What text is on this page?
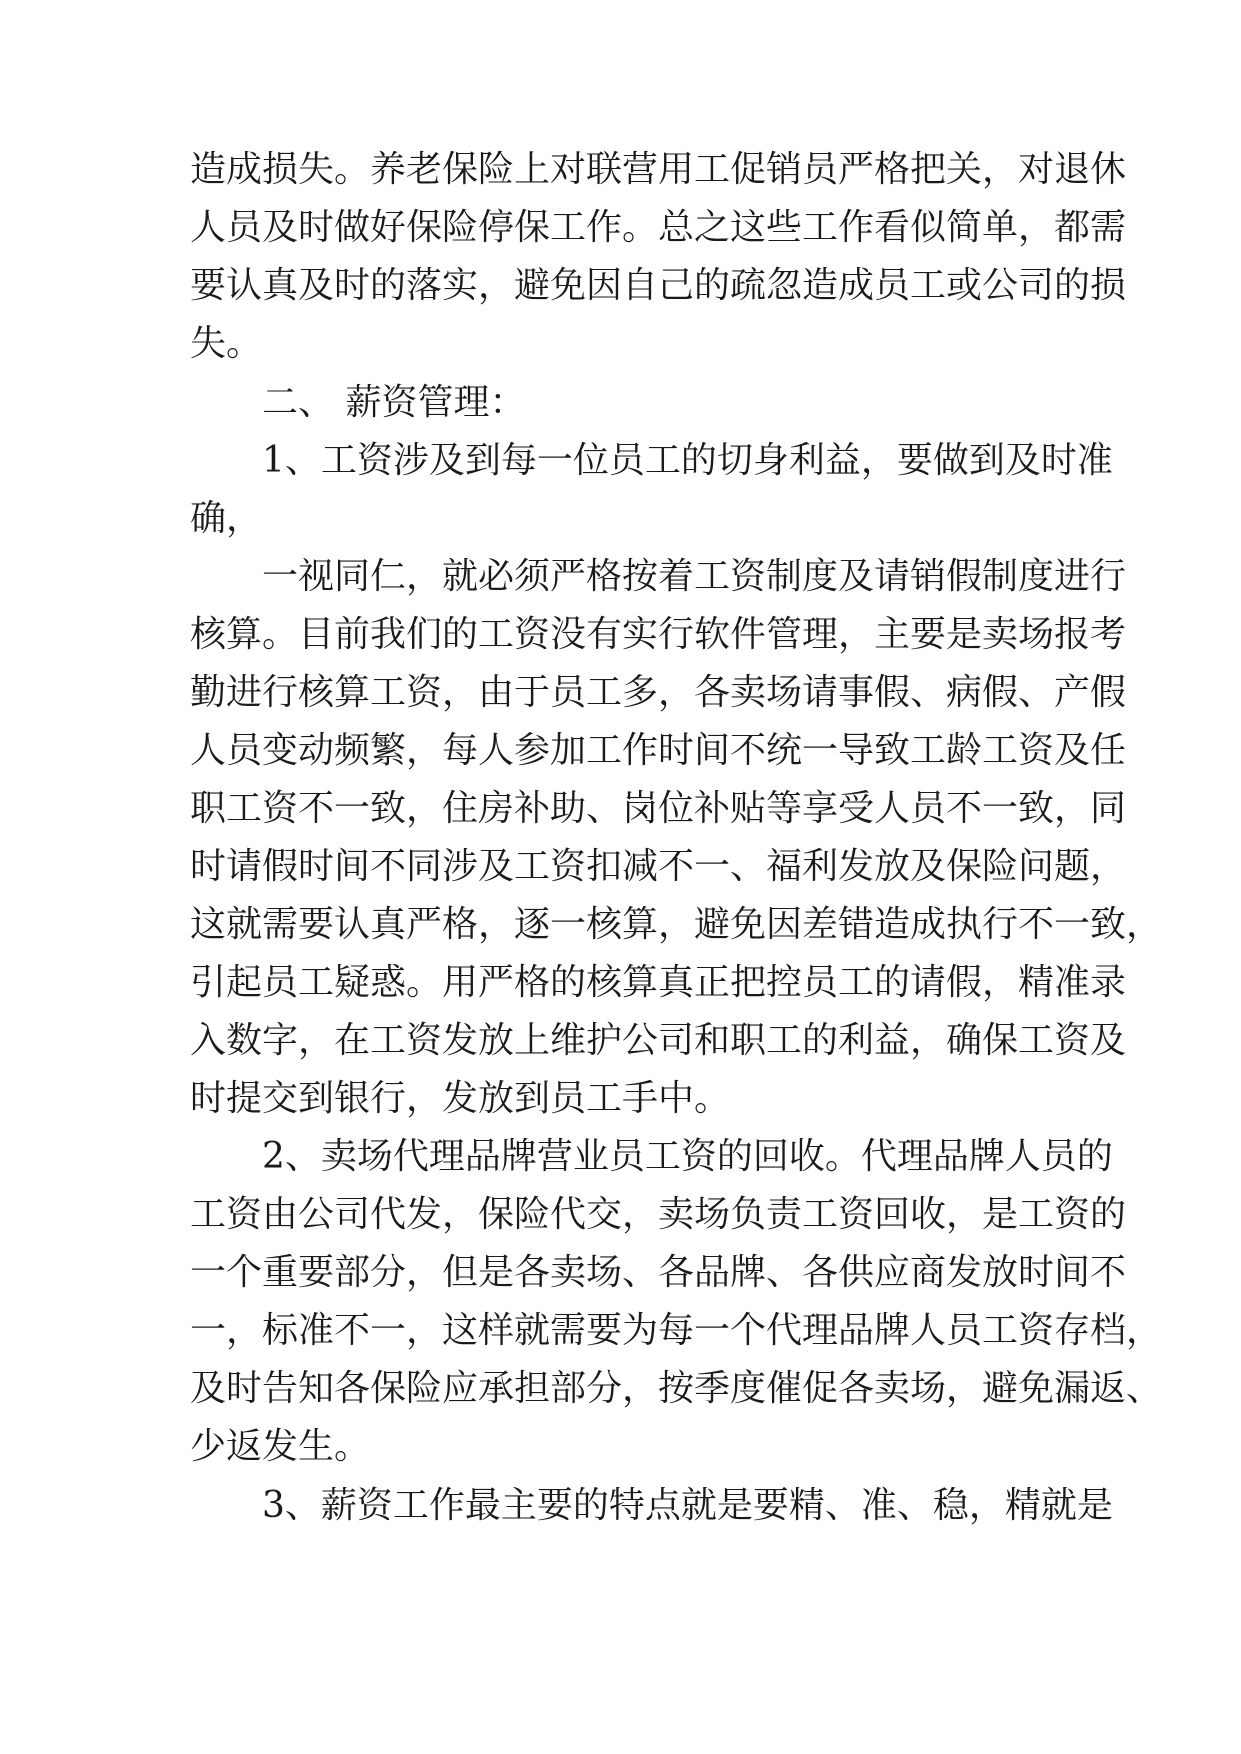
造成损失。养老保险上对联营用工促销员严格把关，对退休
人员及时做好保险停保工作。总之这些工作看似简单，都需
要认真及时的落实，避免因自己的疏忽造成员工或公司的损
失。
二、 薪资管理：
1、工资涉及到每一位员工的切身利益，要做到及时准
确，
一视同仁，就必须严格按着工资制度及请销假制度进行
核算。目前我们的工资没有实行软件管理，主要是卖场报考
勤进行核算工资，由于员工多，各卖场请事假、病假、产假
人员变动频繁，每人参加工作时间不统一导致工龄工资及任
职工资不一致，住房补助、岗位补贴等享受人员不一致，同
时请假时间不同涉及工资扣减不一、福利发放及保险问题，
这就需要认真严格，逐一核算，避免因差错造成执行不一致，
引起员工疑惑。用严格的核算真正把控员工的请假，精准录
入数字，在工资发放上维护公司和职工的利益，确保工资及
时提交到银行，发放到员工手中。
2、卖场代理品牌营业员工资的回收。代理品牌人员的
工资由公司代发，保险代交，卖场负责工资回收，是工资的
一个重要部分，但是各卖场、各品牌、各供应商发放时间不
一，标准不一，这样就需要为每一个代理品牌人员工资存档，
及时告知各保险应承担部分，按季度催促各卖场，避免漏返、
少返发生。
3、薪资工作最主要的特点就是要精、准、稳，精就是
